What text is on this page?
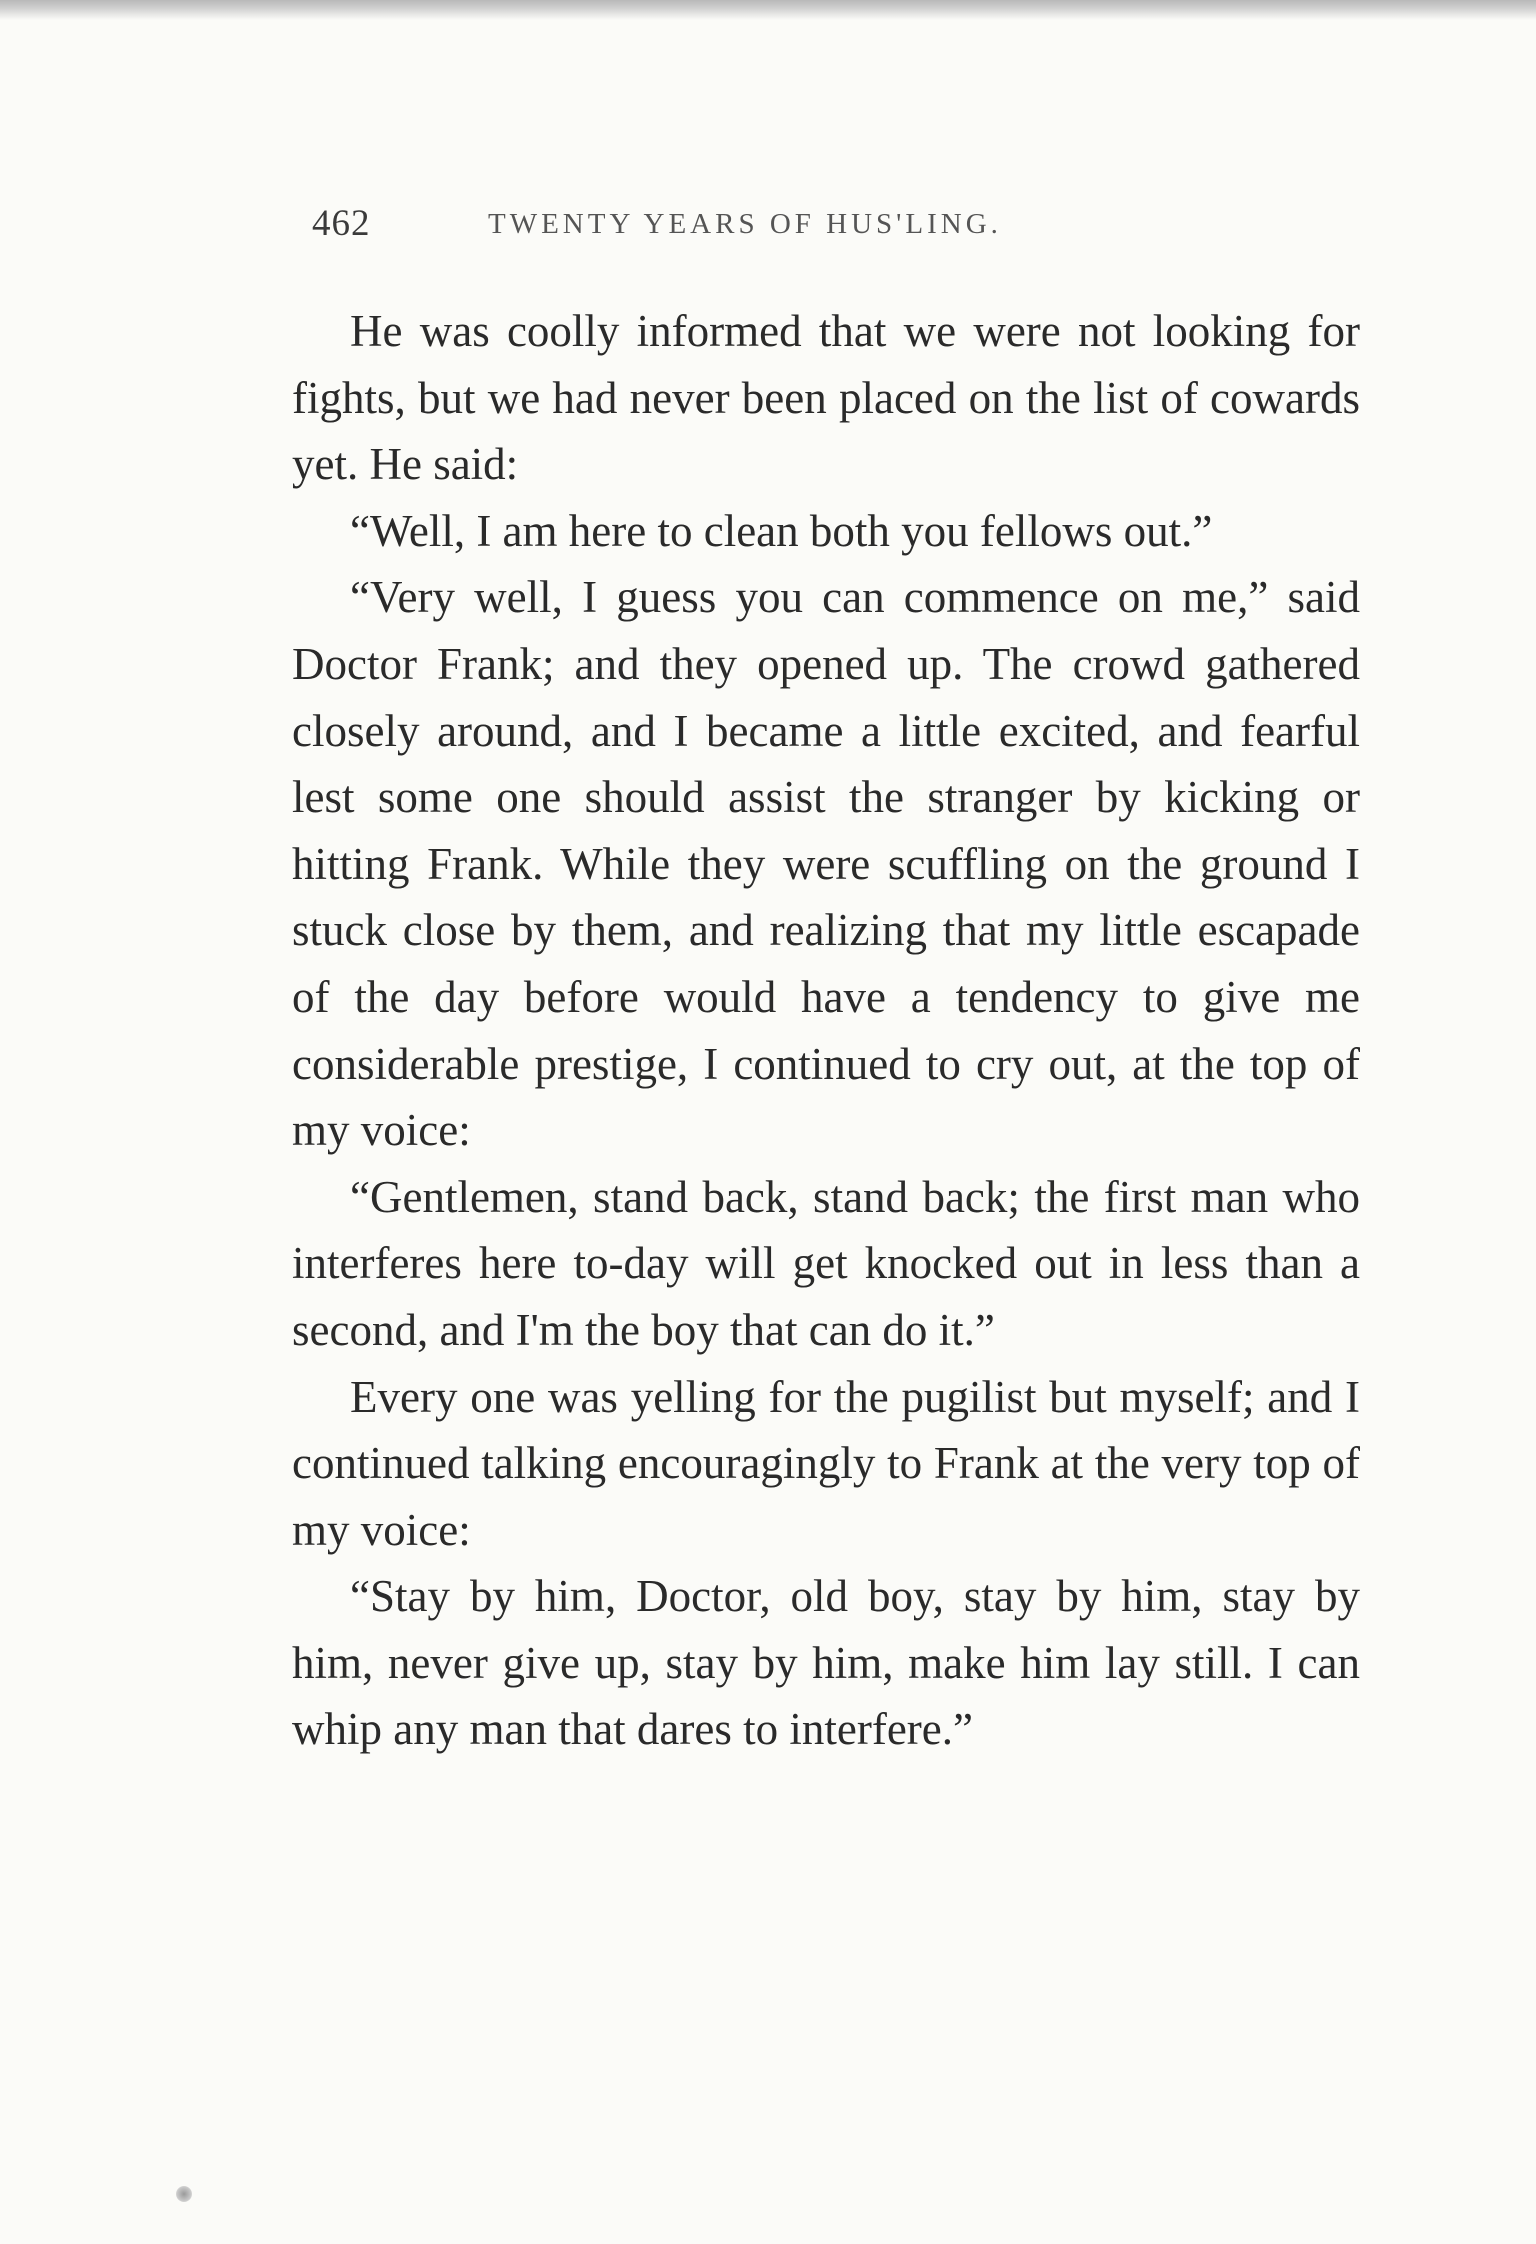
462	TWENTY YEARS OF HUS'LING.

He was coolly informed that we were not looking for fights, but we had never been placed on the list of cowards yet. He said:

“Well, I am here to clean both you fellows out.”

“Very well, I guess you can commence on me,” said Doctor Frank; and they opened up. The crowd gathered closely around, and I became a little excited, and fearful lest some one should assist the stranger by kicking or hitting Frank. While they were scuffling on the ground I stuck close by them, and realizing that my little escapade of the day before would have a tendency to give me considerable prestige, I continued to cry out, at the top of my voice:

“Gentlemen, stand back, stand back; the first man who interferes here to-day will get knocked out in less than a second, and I'm the boy that can do it.”

Every one was yelling for the pugilist but myself; and I continued talking encouragingly to Frank at the very top of my voice:

“Stay by him, Doctor, old boy, stay by him, stay by him, never give up, stay by him, make him lay still. I can whip any man that dares to interfere.”
